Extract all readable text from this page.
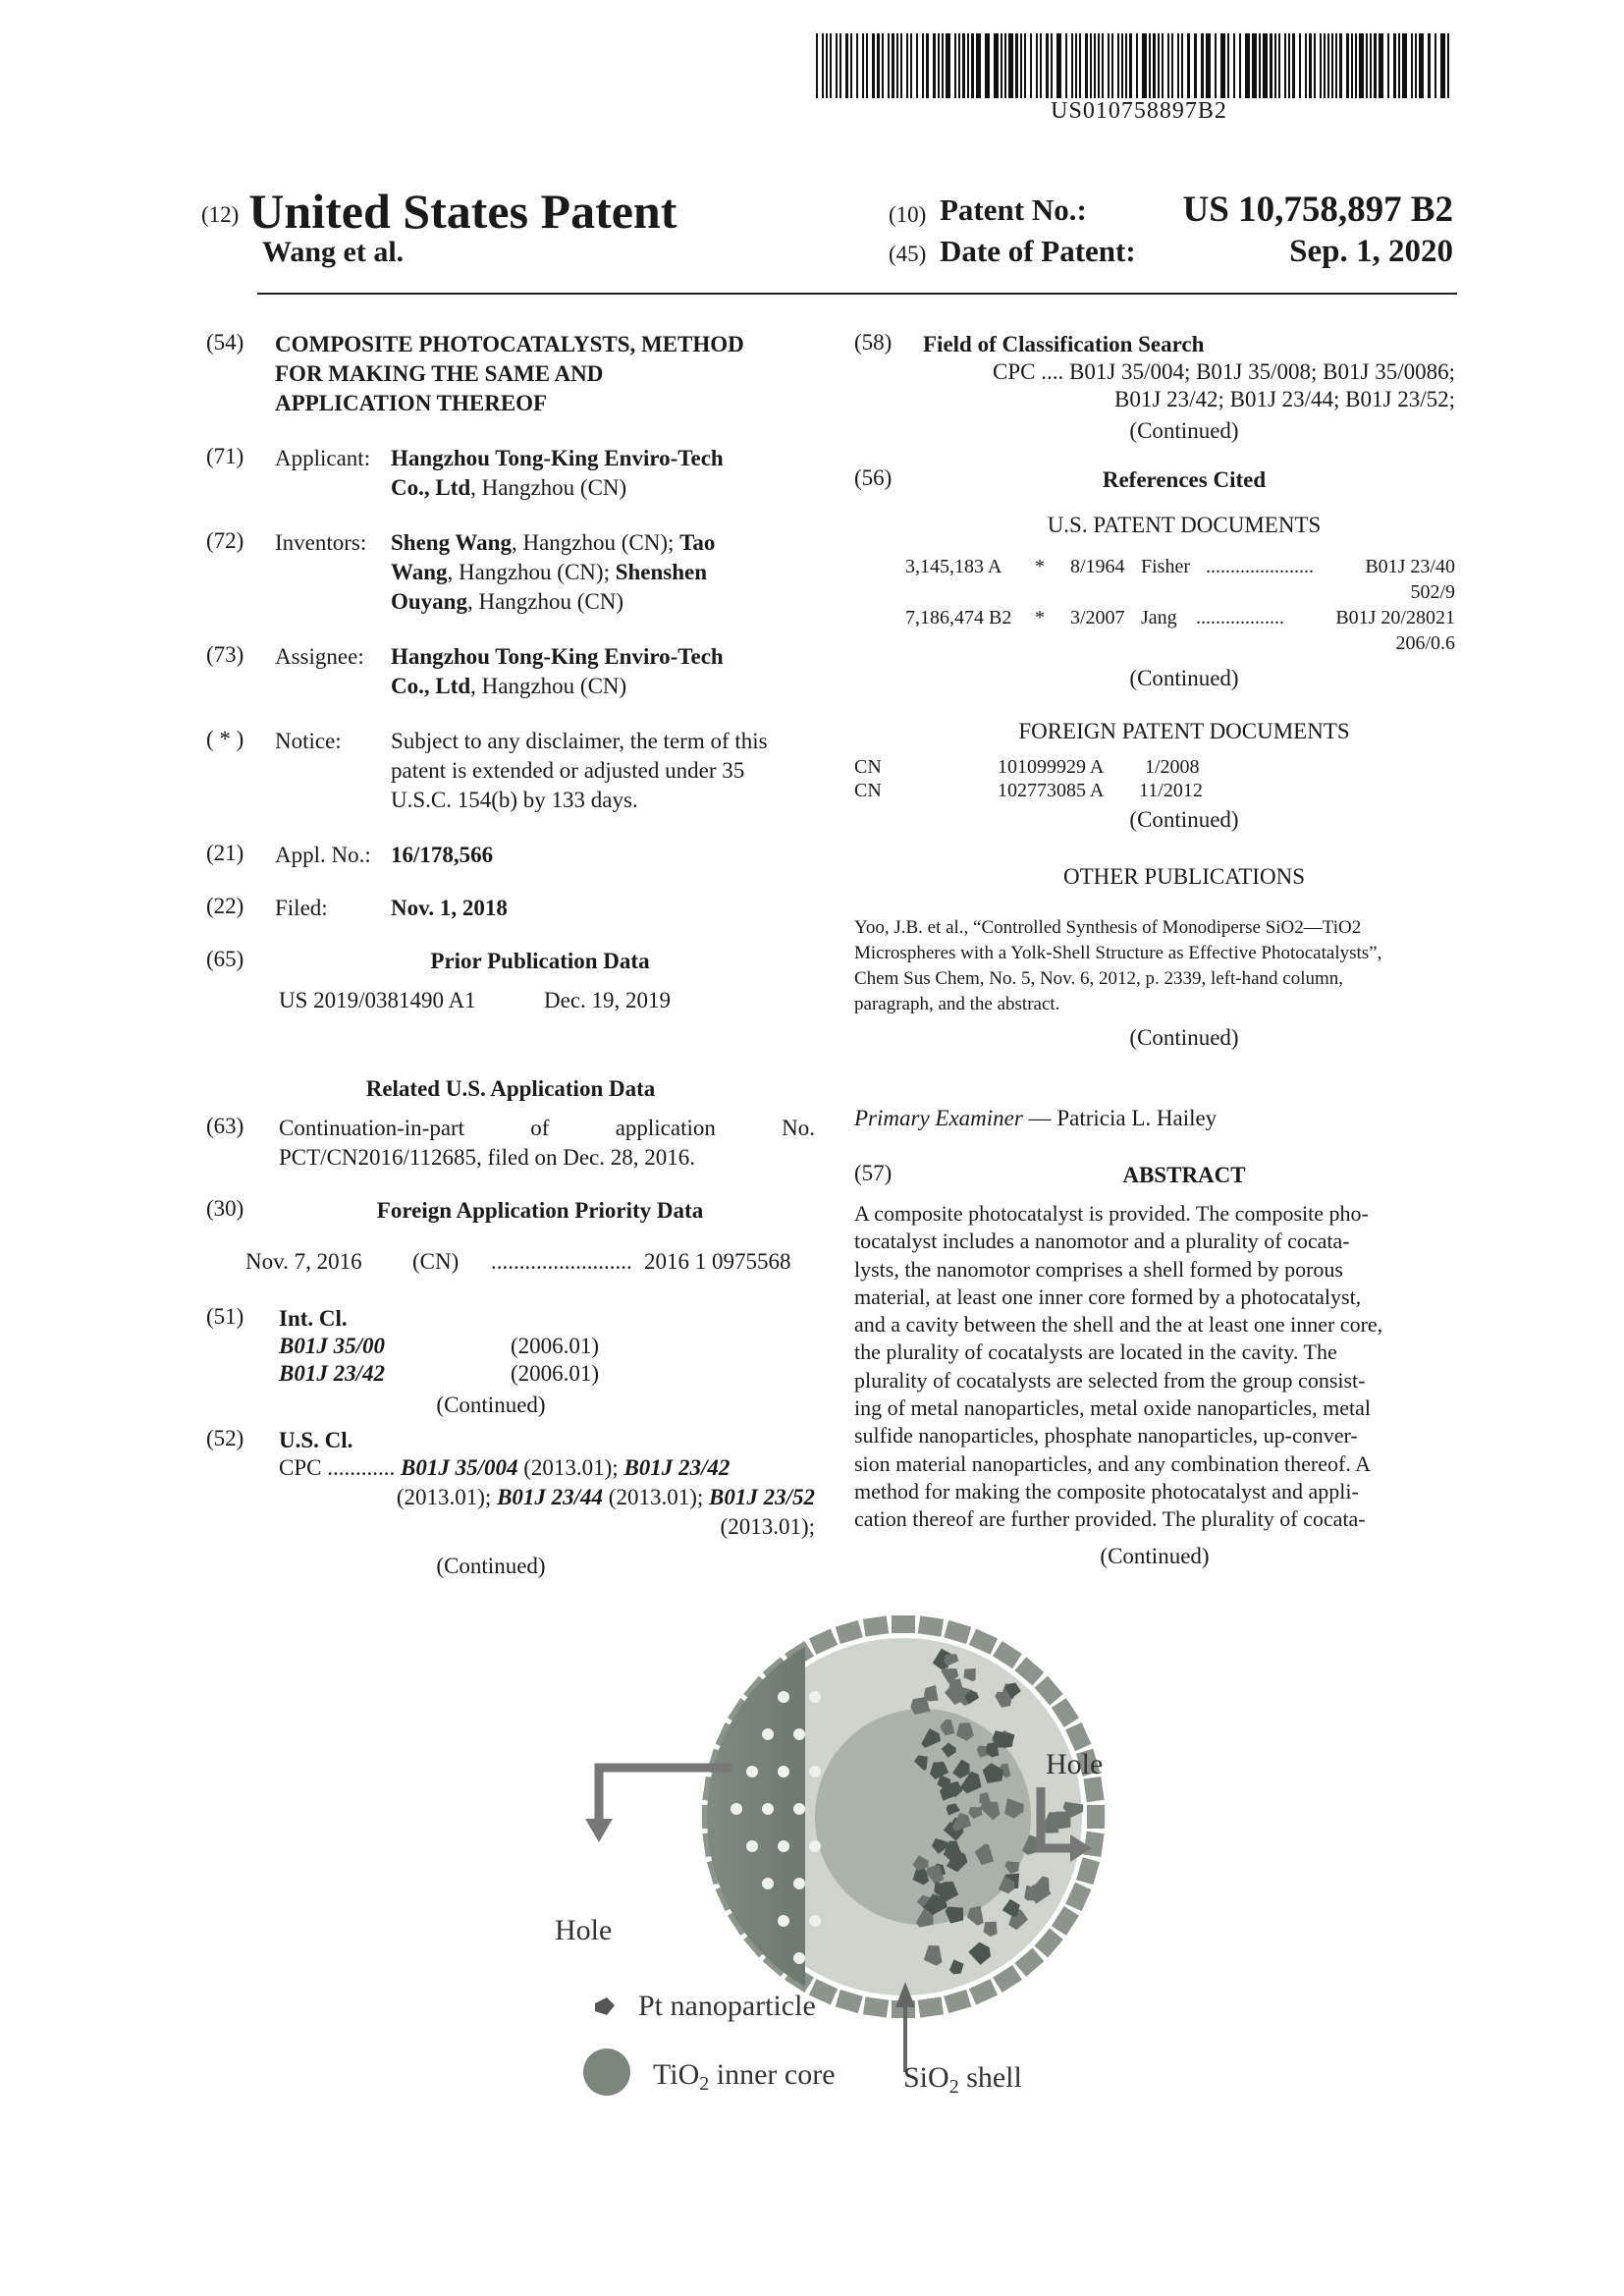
US010758897B2
(12) United States Patent
Wang et al.
(10) Patent No.:	US 10,758,897 B2
(45) Date of Patent:	Sep. 1, 2020
(54) COMPOSITE PHOTOCATALYSTS, METHOD
FOR MAKING THE SAME AND
APPLICATION THEREOF
(71) Applicant: Hangzhou Tong-King Enviro-Tech
Co., Ltd, Hangzhou (CN)
(72) Inventors: Sheng Wang, Hangzhou (CN); Tao
Wang, Hangzhou (CN); Shenshen
Ouyang, Hangzhou (CN)
(73) Assignee: Hangzhou Tong-King Enviro-Tech
Co., Ltd, Hangzhou (CN)
( * ) Notice: Subject to any disclaimer, the term of this
patent is extended or adjusted under 35
U.S.C. 154(b) by 133 days.
(21) Appl. No.: 16/178,566
(22) Filed:	Nov. 1, 2018
(65)	Prior Publication Data
US 2019/0381490 A1	Dec. 19, 2019
Related U.S. Application Data
(63) Continuation-in-part	of	application	No.
PCT/CN2016/112685, filed on Dec. 28, 2016.
(30)	Foreign Application Priority Data
Nov. 7, 2016 (CN) ......................... 2016 1 0975568
(51) Int. Cl.
B01J 35/00	(2006.01)
B01J 23/42	(2006.01)
(Continued)
(52) U.S. Cl.
CPC ............ B01J 35/004 (2013.01); B01J 23/42
(2013.01); B01J 23/44 (2013.01); B01J 23/52
(2013.01);
(Continued)
(58) Field of Classification Search
CPC .... B01J 35/004; B01J 35/008; B01J 35/0086;
B01J 23/42; B01J 23/44; B01J 23/52;
(Continued)
(56)	References Cited
U.S. PATENT DOCUMENTS
3,145,183 A * 8/1964 Fisher ......................	B01J 23/40
502/9
7,186,474 B2 * 3/2007 Jang ..................	B01J 20/28021
206/0.6
(Continued)
FOREIGN PATENT DOCUMENTS
CN	101099929 A 1/2008
CN	102773085 A 11/2012
(Continued)
OTHER PUBLICATIONS
Yoo, J.B. et al., “Controlled Synthesis of Monodiperse SiO2—TiO2
Microspheres with a Yolk-Shell Structure as Effective Photocatalysts”,
Chem Sus Chem, No. 5, Nov. 6, 2012, p. 2339, left-hand column,
paragraph, and the abstract.
(Continued)
Primary Examiner — Patricia L. Hailey
(57)	ABSTRACT
A composite photocatalyst is provided. The composite pho-
tocatalyst includes a nanomotor and a plurality of cocata-
lysts, the nanomotor comprises a shell formed by porous
material, at least one inner core formed by a photocatalyst,
and a cavity between the shell and the at least one inner core,
the plurality of cocatalysts are located in the cavity. The
plurality of cocatalysts are selected from the group consist-
ing of metal nanoparticles, metal oxide nanoparticles, metal
sulfide nanoparticles, phosphate nanoparticles, up-conver-
sion material nanoparticles, and any combination thereof. A
method for making the composite photocatalyst and appli-
cation thereof are further provided. The plurality of cocata-
(Continued)
Hole
Hole
Pt nanoparticle
TiO$_2$ inner core SiO$_2$ shell
